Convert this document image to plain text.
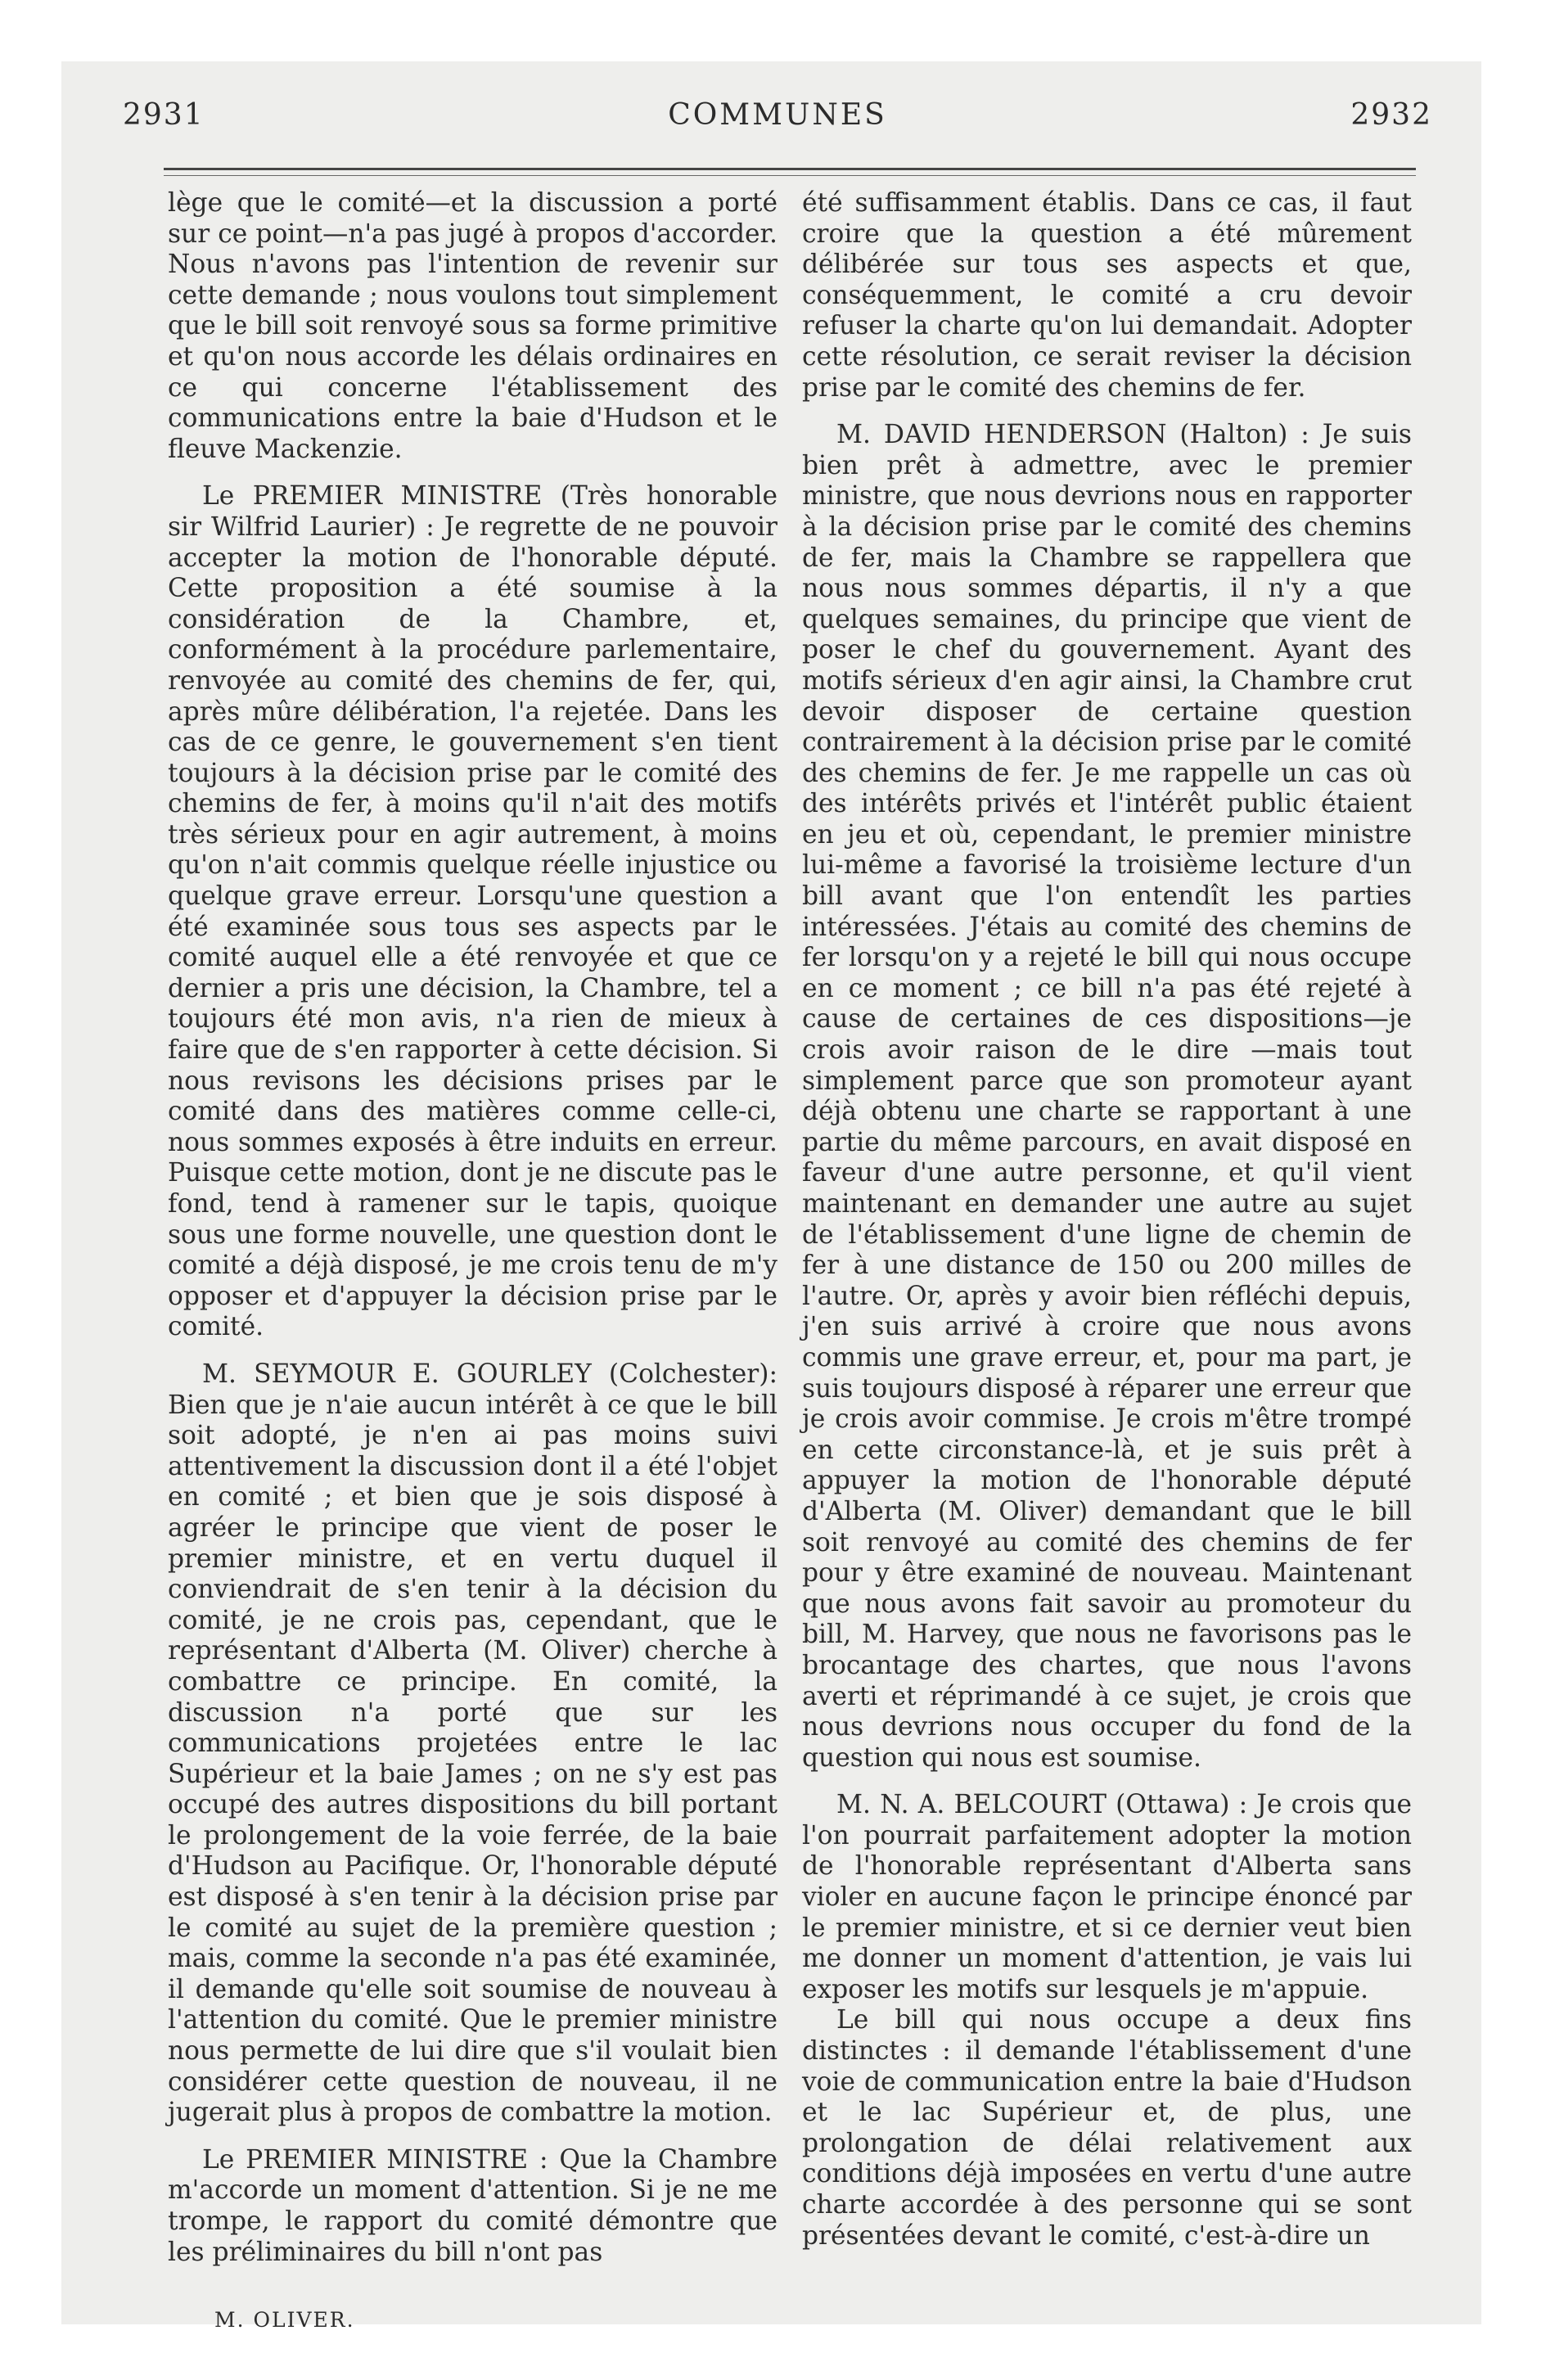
2931	COMMUNES	2932

lège que le comité—et la discussion a porté sur ce point—n'a pas jugé à propos d'accorder. Nous n'avons pas l'intention de revenir sur cette demande ; nous voulons tout simplement que le bill soit renvoyé sous sa forme primitive et qu'on nous accorde les délais ordinaires en ce qui concerne l'établissement des communications entre la baie d'Hudson et le fleuve Mackenzie.

Le PREMIER MINISTRE (Très honorable sir Wilfrid Laurier) : Je regrette de ne pouvoir accepter la motion de l'honorable député. Cette proposition a été soumise à la considération de la Chambre, et, conformément à la procédure parlementaire, renvoyée au comité des chemins de fer, qui, après mûre délibération, l'a rejetée. Dans les cas de ce genre, le gouvernement s'en tient toujours à la décision prise par le comité des chemins de fer, à moins qu'il n'ait des motifs très sérieux pour en agir autrement, à moins qu'on n'ait commis quelque réelle injustice ou quelque grave erreur. Lorsqu'une question a été examinée sous tous ses aspects par le comité auquel elle a été renvoyée et que ce dernier a pris une décision, la Chambre, tel a toujours été mon avis, n'a rien de mieux à faire que de s'en rapporter à cette décision. Si nous revisons les décisions prises par le comité dans des matières comme celle-ci, nous sommes exposés à être induits en erreur. Puisque cette motion, dont je ne discute pas le fond, tend à ramener sur le tapis, quoique sous une forme nouvelle, une question dont le comité a déjà disposé, je me crois tenu de m'y opposer et d'appuyer la décision prise par le comité.

M. SEYMOUR E. GOURLEY (Colchester): Bien que je n'aie aucun intérêt à ce que le bill soit adopté, je n'en ai pas moins suivi attentivement la discussion dont il a été l'objet en comité ; et bien que je sois disposé à agréer le principe que vient de poser le premier ministre, et en vertu duquel il conviendrait de s'en tenir à la décision du comité, je ne crois pas, cependant, que le représentant d'Alberta (M. Oliver) cherche à combattre ce principe. En comité, la discussion n'a porté que sur les communications projetées entre le lac Supérieur et la baie James ; on ne s'y est pas occupé des autres dispositions du bill portant le prolongement de la voie ferrée, de la baie d'Hudson au Pacifique. Or, l'honorable député est disposé à s'en tenir à la décision prise par le comité au sujet de la première question ; mais, comme la seconde n'a pas été examinée, il demande qu'elle soit soumise de nouveau à l'attention du comité. Que le premier ministre nous permette de lui dire que s'il voulait bien considérer cette question de nouveau, il ne jugerait plus à propos de combattre la motion.

Le PREMIER MINISTRE : Que la Chambre m'accorde un moment d'attention. Si je ne me trompe, le rapport du comité démontre que les préliminaires du bill n'ont pas

été suffisamment établis. Dans ce cas, il faut croire que la question a été mûrement délibérée sur tous ses aspects et que, conséquemment, le comité a cru devoir refuser la charte qu'on lui demandait. Adopter cette résolution, ce serait reviser la décision prise par le comité des chemins de fer.

M. DAVID HENDERSON (Halton) : Je suis bien prêt à admettre, avec le premier ministre, que nous devrions nous en rapporter à la décision prise par le comité des chemins de fer, mais la Chambre se rappellera que nous nous sommes départis, il n'y a que quelques semaines, du principe que vient de poser le chef du gouvernement. Ayant des motifs sérieux d'en agir ainsi, la Chambre crut devoir disposer de certaine question contrairement à la décision prise par le comité des chemins de fer. Je me rappelle un cas où des intérêts privés et l'intérêt public étaient en jeu et où, cependant, le premier ministre lui-même a favorisé la troisième lecture d'un bill avant que l'on entendît les parties intéressées. J'étais au comité des chemins de fer lorsqu'on y a rejeté le bill qui nous occupe en ce moment ; ce bill n'a pas été rejeté à cause de certaines de ces dispositions—je crois avoir raison de le dire —mais tout simplement parce que son promoteur ayant déjà obtenu une charte se rapportant à une partie du même parcours, en avait disposé en faveur d'une autre personne, et qu'il vient maintenant en demander une autre au sujet de l'établissement d'une ligne de chemin de fer à une distance de 150 ou 200 milles de l'autre. Or, après y avoir bien réfléchi depuis, j'en suis arrivé à croire que nous avons commis une grave erreur, et, pour ma part, je suis toujours disposé à réparer une erreur que je crois avoir commise. Je crois m'être trompé en cette circonstance-là, et je suis prêt à appuyer la motion de l'honorable député d'Alberta (M. Oliver) demandant que le bill soit renvoyé au comité des chemins de fer pour y être examiné de nouveau. Maintenant que nous avons fait savoir au promoteur du bill, M. Harvey, que nous ne favorisons pas le brocantage des chartes, que nous l'avons averti et réprimandé à ce sujet, je crois que nous devrions nous occuper du fond de la question qui nous est soumise.

M. N. A. BELCOURT (Ottawa) : Je crois que l'on pourrait parfaitement adopter la motion de l'honorable représentant d'Alberta sans violer en aucune façon le principe énoncé par le premier ministre, et si ce dernier veut bien me donner un moment d'attention, je vais lui exposer les motifs sur lesquels je m'appuie.

Le bill qui nous occupe a deux fins distinctes : il demande l'établissement d'une voie de communication entre la baie d'Hudson et le lac Supérieur et, de plus, une prolongation de délai relativement aux conditions déjà imposées en vertu d'une autre charte accordée à des personne qui se sont présentées devant le comité, c'est-à-dire un

M. OLIVER.
